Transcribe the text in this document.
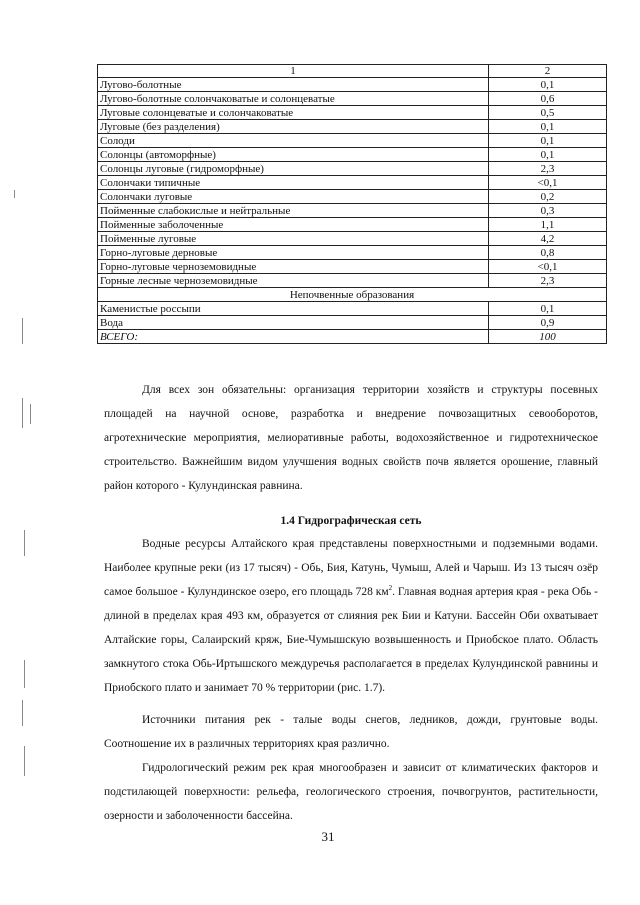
1	2
Лугово-болотные	0,1
Лугово-болотные солончаковатые и солонцеватые	0,6
Луговые солонцеватые и солончаковатые	0,5
Луговые (без разделения)	0,1
Солоди	0,1
Солонцы (автоморфные)	0,1
Солонцы луговые (гидроморфные)	2,3
Солончаки типичные	<0,1
Солончаки луговые	0,2
Пойменные слабокислые и нейтральные	0,3
Пойменные заболоченные	1,1
Пойменные луговые	4,2
Горно-луговые дерновые	0,8
Горно-луговые черноземовидные	<0,1
Горные лесные черноземовидные	2,3
Непочвенные образования	
Каменистые россыпи	0,1
Вода	0,9
ВСЕГО:	100

Для всех зон обязательны: организация территории хозяйств и структуры посевных площадей на научной основе, разработка и внедрение почвозащитных севооборотов, агротехнические мероприятия, мелиоративные работы, водохозяйственное и гидротехническое строительство. Важнейшим видом улучшения водных свойств почв является орошение, главный район которого - Кулундинская равнина.

1.4 Гидрографическая сеть

Водные ресурсы Алтайского края представлены поверхностными и подземными водами. Наиболее крупные реки (из 17 тысяч) - Обь, Бия, Катунь, Чумыш, Алей и Чарыш. Из 13 тысяч озёр самое большое - Кулундинское озеро, его площадь 728 $км^2$. Главная водная артерия края - река Обь - длиной в пределах края 493 км, образуется от слияния рек Бии и Катуни. Бассейн Оби охватывает Алтайские горы, Салаирский кряж, Бие-Чумышскую возвышенность и Приобское плато. Область замкнутого стока Обь-Иртышского междуречья располагается в пределах Кулундинской равнины и Приобского плато и занимает 70 % территории (рис. 1.7).

Источники питания рек - талые воды снегов, ледников, дожди, грунтовые воды. Соотношение их в различных территориях края различно.

Гидрологический режим рек края многообразен и зависит от климатических факторов и подстилающей поверхности: рельефа, геологического строения, почвогрунтов, растительности, озерности и заболоченности бассейна.

31
